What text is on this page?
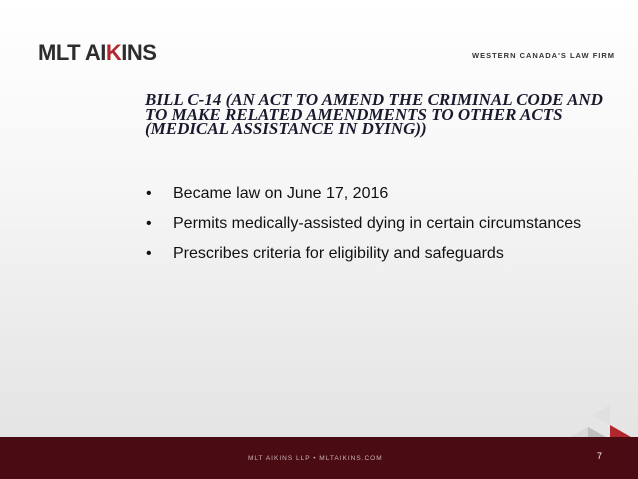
MLT AIKINS	WESTERN CANADA'S LAW FIRM
BILL C-14 (AN ACT TO AMEND THE CRIMINAL CODE AND TO MAKE RELATED AMENDMENTS TO OTHER ACTS (MEDICAL ASSISTANCE IN DYING))
• Became law on June 17, 2016
• Permits medically-assisted dying in certain circumstances
• Prescribes criteria for eligibility and safeguards
MLT AIKINS LLP • MLTAIKINS.COM	7
